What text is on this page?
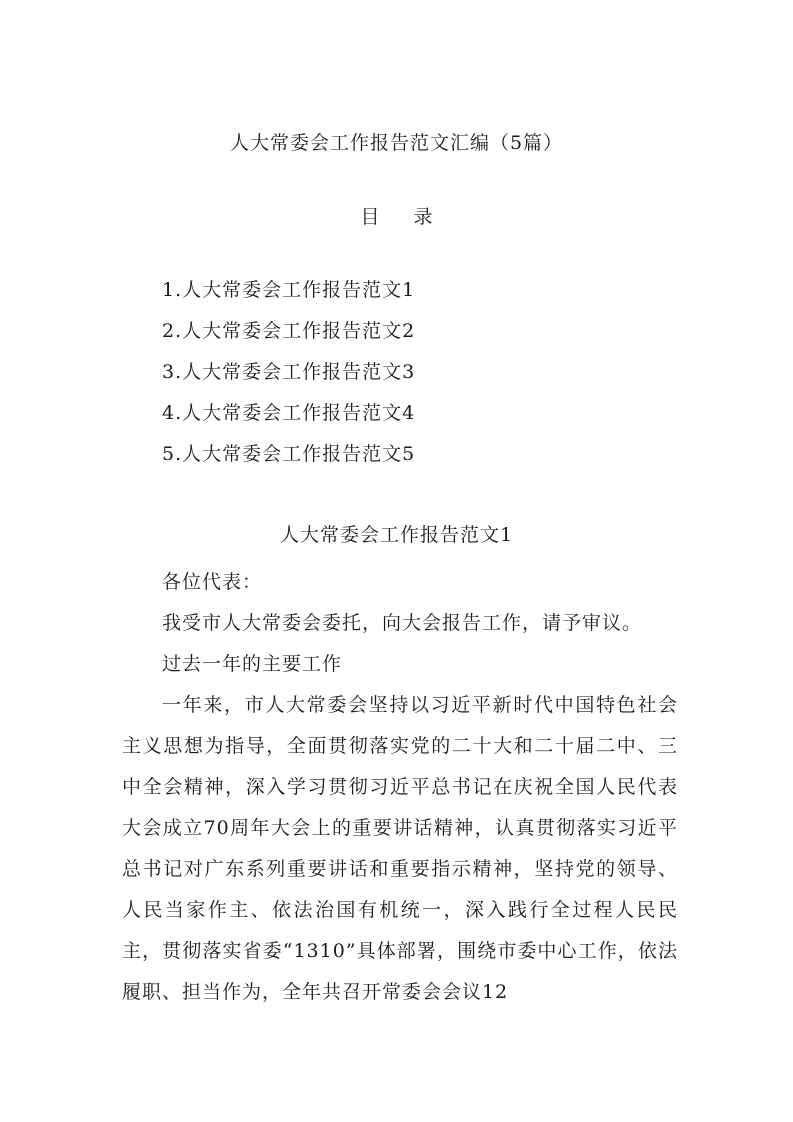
人大常委会工作报告范文汇编（5篇）
目 录
1.人大常委会工作报告范文1
2.人大常委会工作报告范文2
3.人大常委会工作报告范文3
4.人大常委会工作报告范文4
5.人大常委会工作报告范文5
人大常委会工作报告范文1

各位代表：

我受市人大常委会委托，向大会报告工作，请予审议。

过去一年的主要工作

一年来，市人大常委会坚持以习近平新时代中国特色社会主义思想为指导，全面贯彻落实党的二十大和二十届二中、三中全会精神，深入学习贯彻习近平总书记在庆祝全国人民代表大会成立70周年大会上的重要讲话精神，认真贯彻落实习近平总书记对广东系列重要讲话和重要指示精神，坚持党的领导、人民当家作主、依法治国有机统一，深入践行全过程人民民主，贯彻落实省委“1310”具体部署，围绕市委中心工作，依法履职、担当作为，全年共召开常委会会议12
